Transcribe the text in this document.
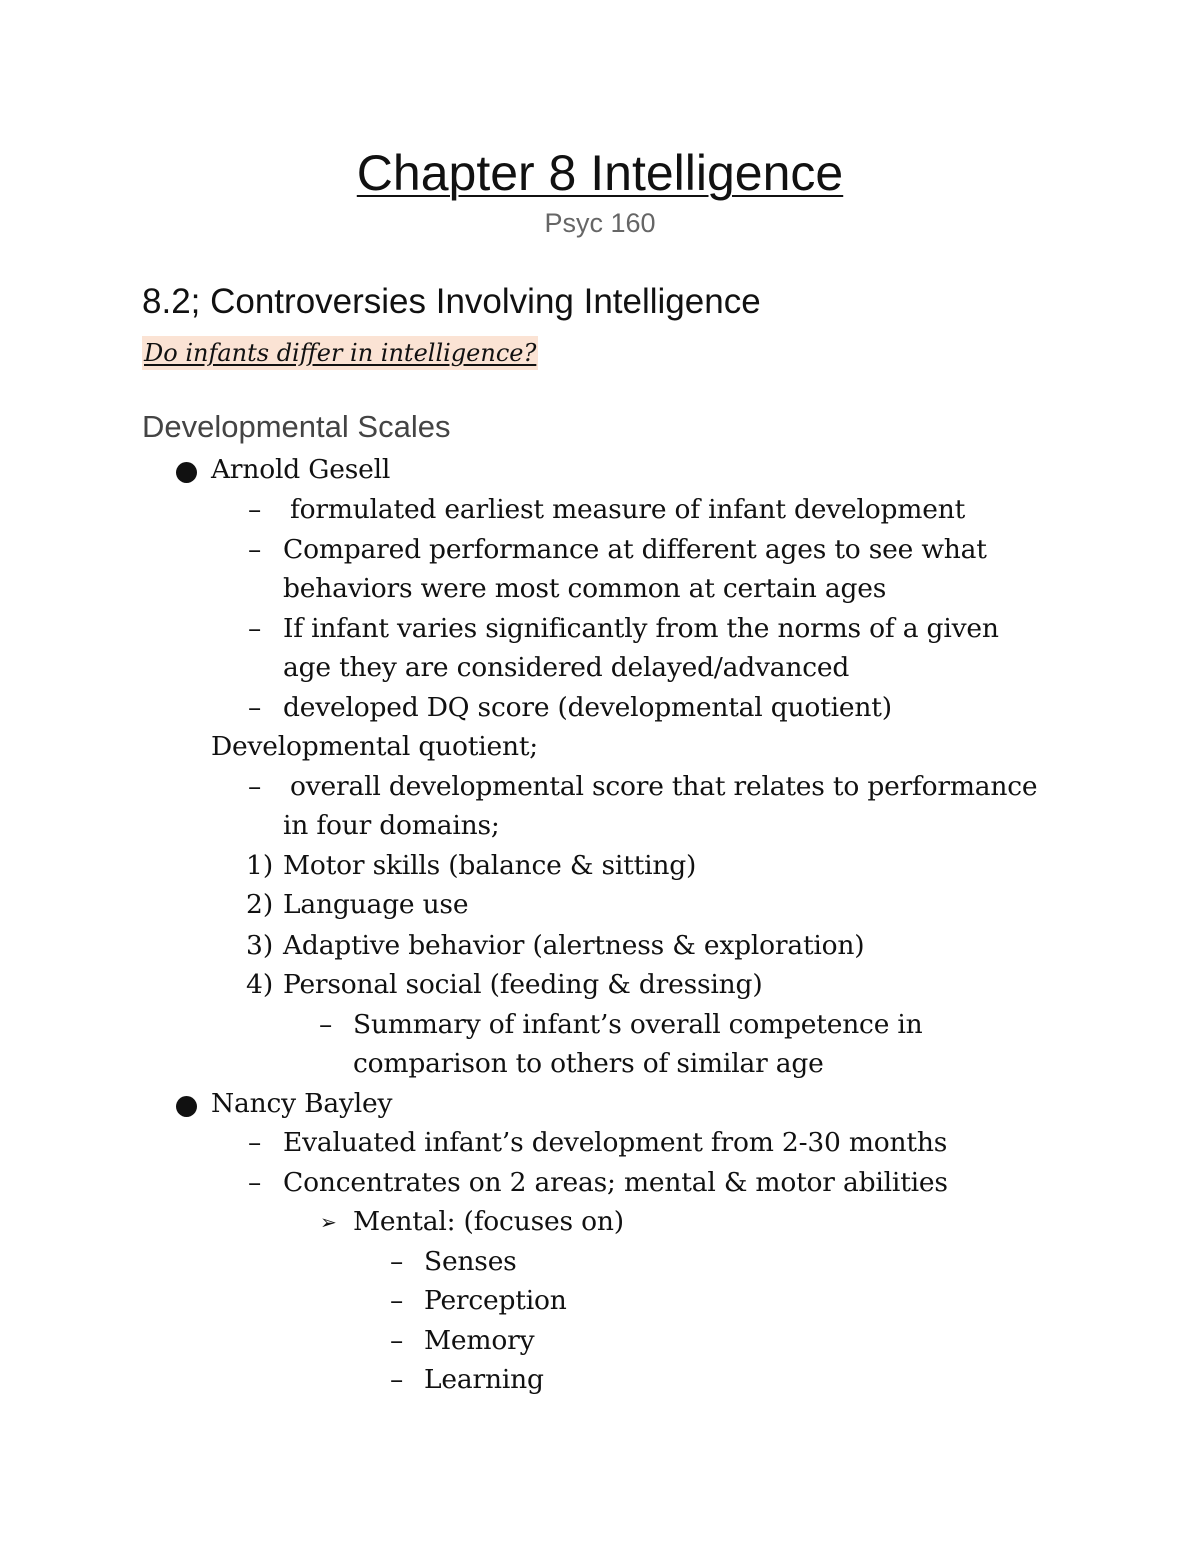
Chapter 8 Intelligence
Psyc 160
8.2; Controversies Involving Intelligence
Do infants differ in intelligence?
Developmental Scales
Arnold Gesell
– formulated earliest measure of infant development
– Compared performance at different ages to see what
behaviors were most common at certain ages
– If infant varies significantly from the norms of a given
age they are considered delayed/advanced
– developed DQ score (developmental quotient)
Developmental quotient;
– overall developmental score that relates to performance
in four domains;
1) Motor skills (balance & sitting)
2) Language use
3) Adaptive behavior (alertness & exploration)
4) Personal social (feeding & dressing)
– Summary of infant’s overall competence in
comparison to others of similar age
Nancy Bayley
– Evaluated infant’s development from 2-30 months
– Concentrates on 2 areas; mental & motor abilities
➢ Mental: (focuses on)
– Senses
– Perception
– Memory
– Learning
